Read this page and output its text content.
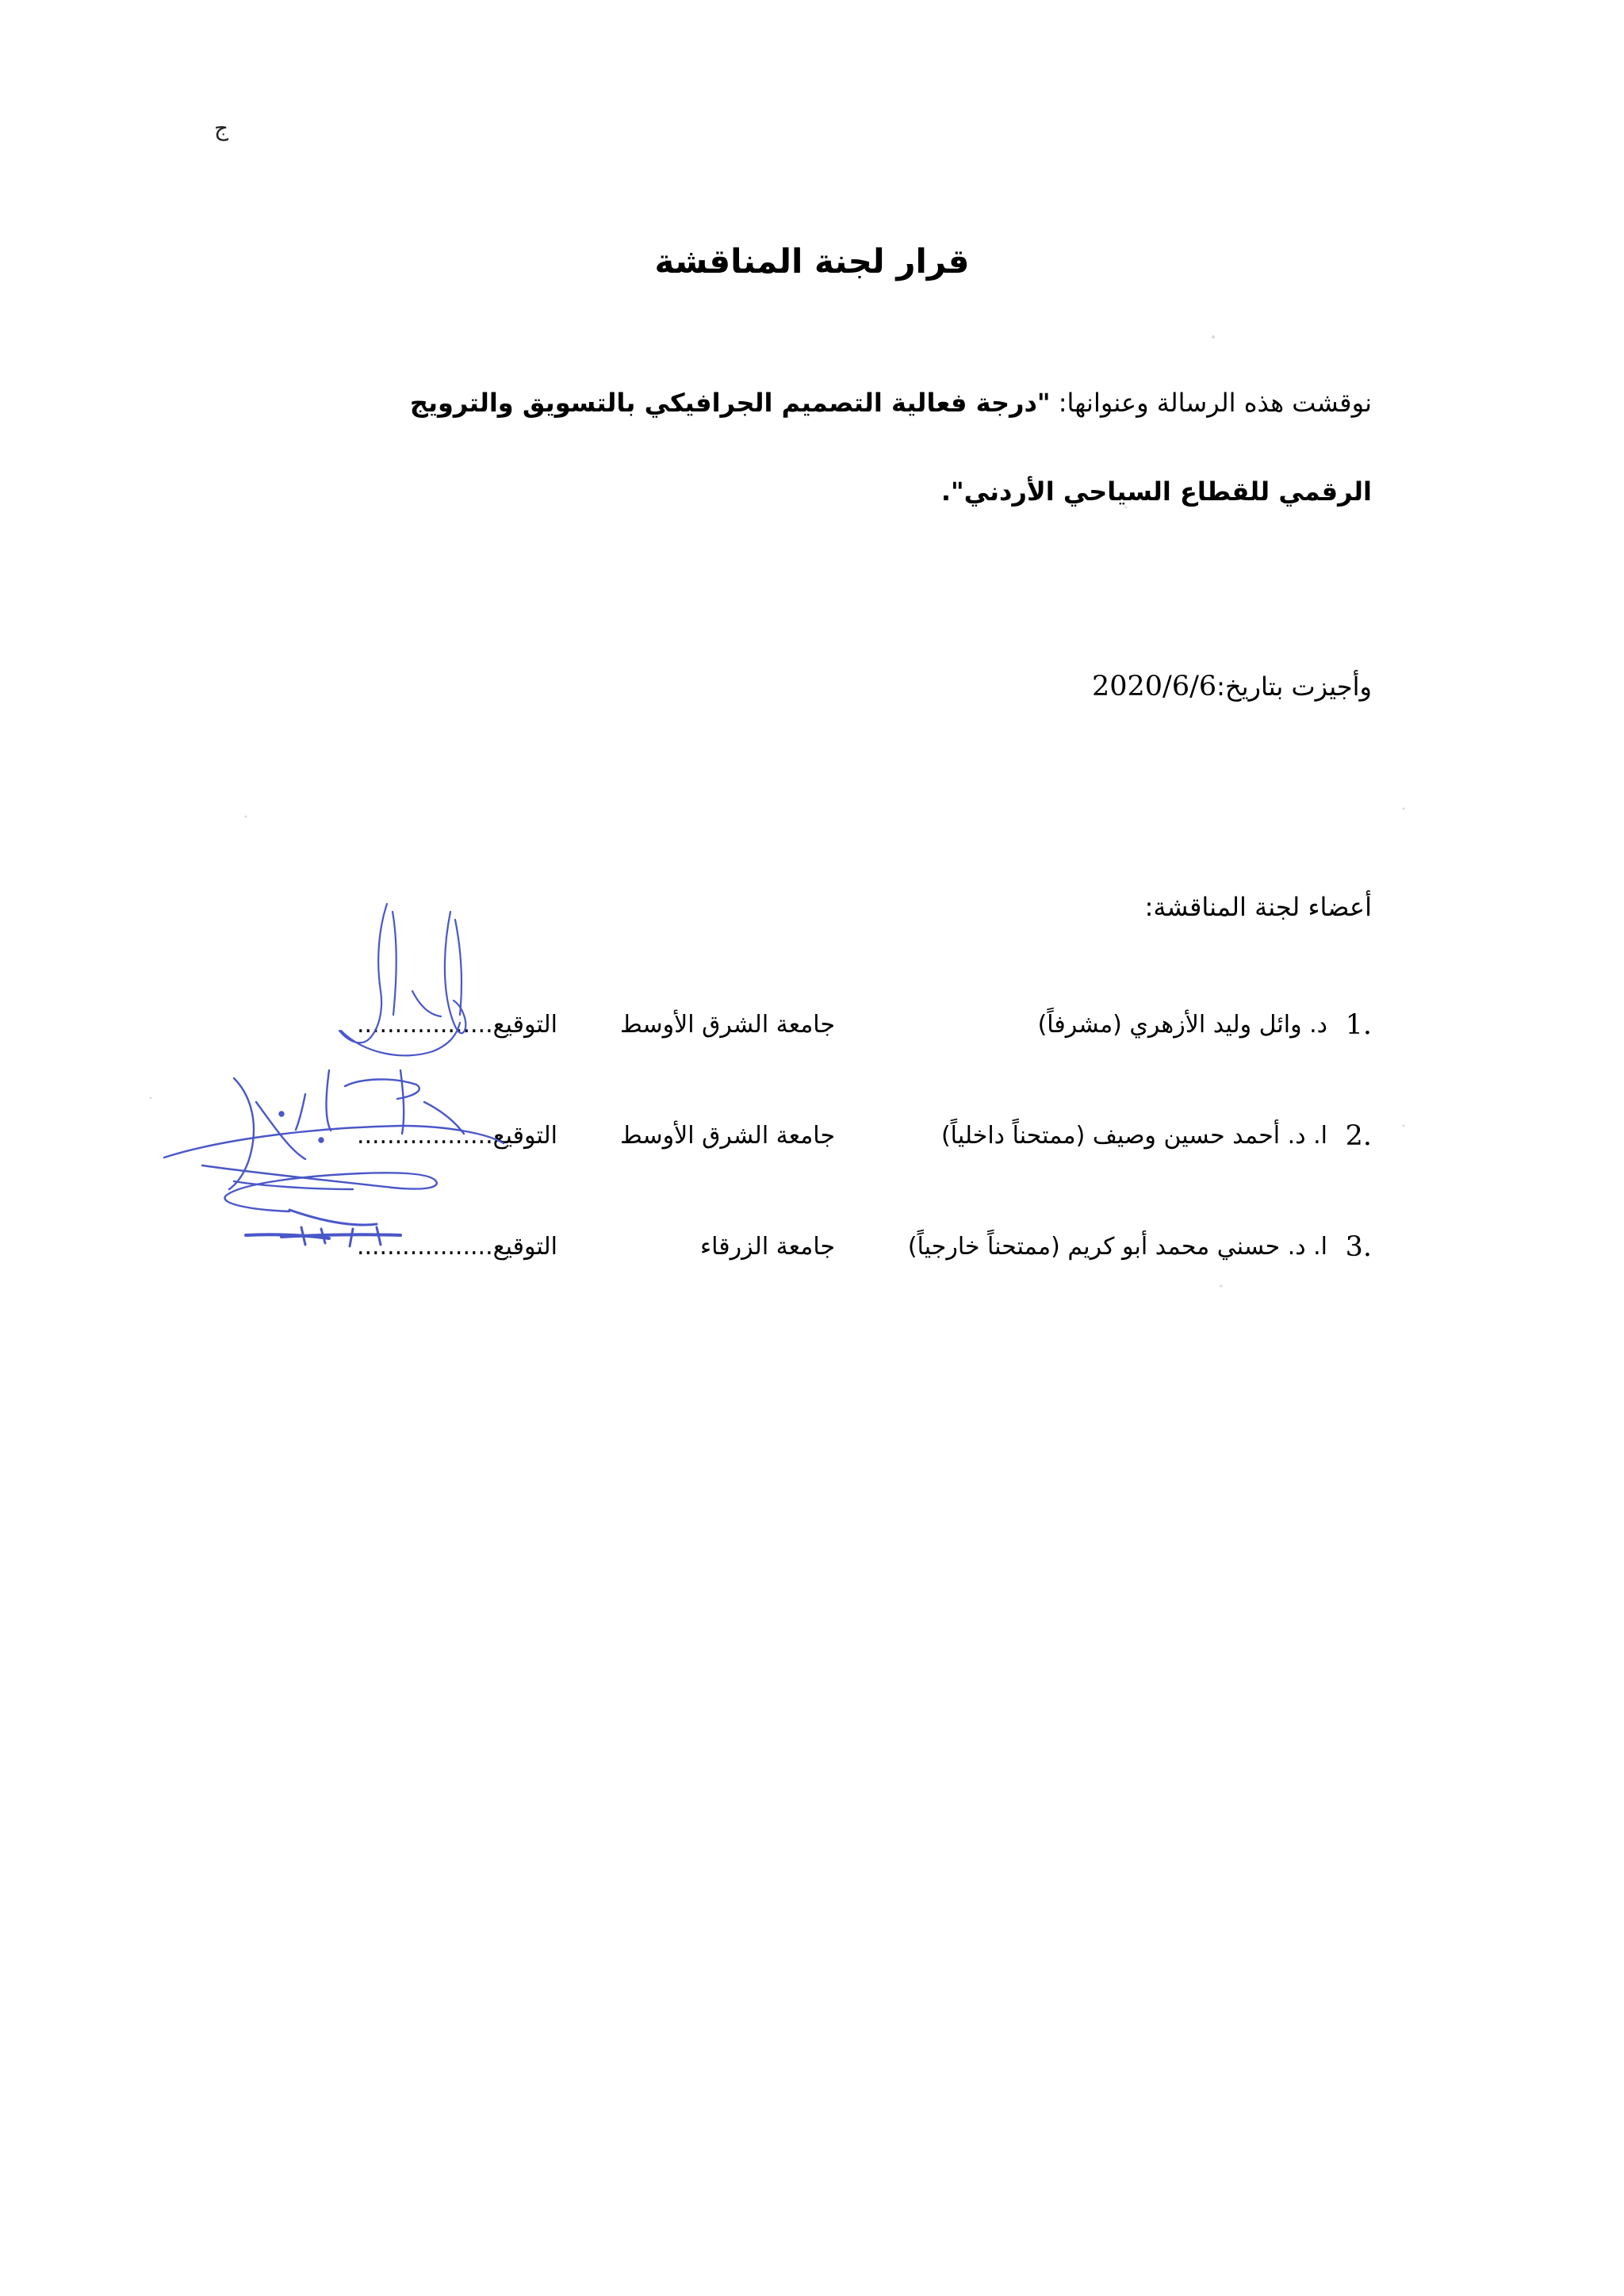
ج
قرار لجنة المناقشة
نوقشت هذه الرسالة وعنوانها: "درجة فعالية التصميم الجرافيكي بالتسويق والترويج الرقمي للقطاع السياحي الأردني".
وأجيزت بتاريخ:2020/6/6
أعضاء لجنة المناقشة:
1.
د. وائل وليد الأزهري (مشرفاً)
جامعة الشرق الأوسط
التوقيع..................
2.
ا. د. أحمد حسين وصيف (ممتحناً داخلياً)
جامعة الشرق الأوسط
التوقيع..................
3.
ا. د. حسني محمد أبو كريم (ممتحناً خارجياً)
جامعة الزرقاء
التوقيع..................
